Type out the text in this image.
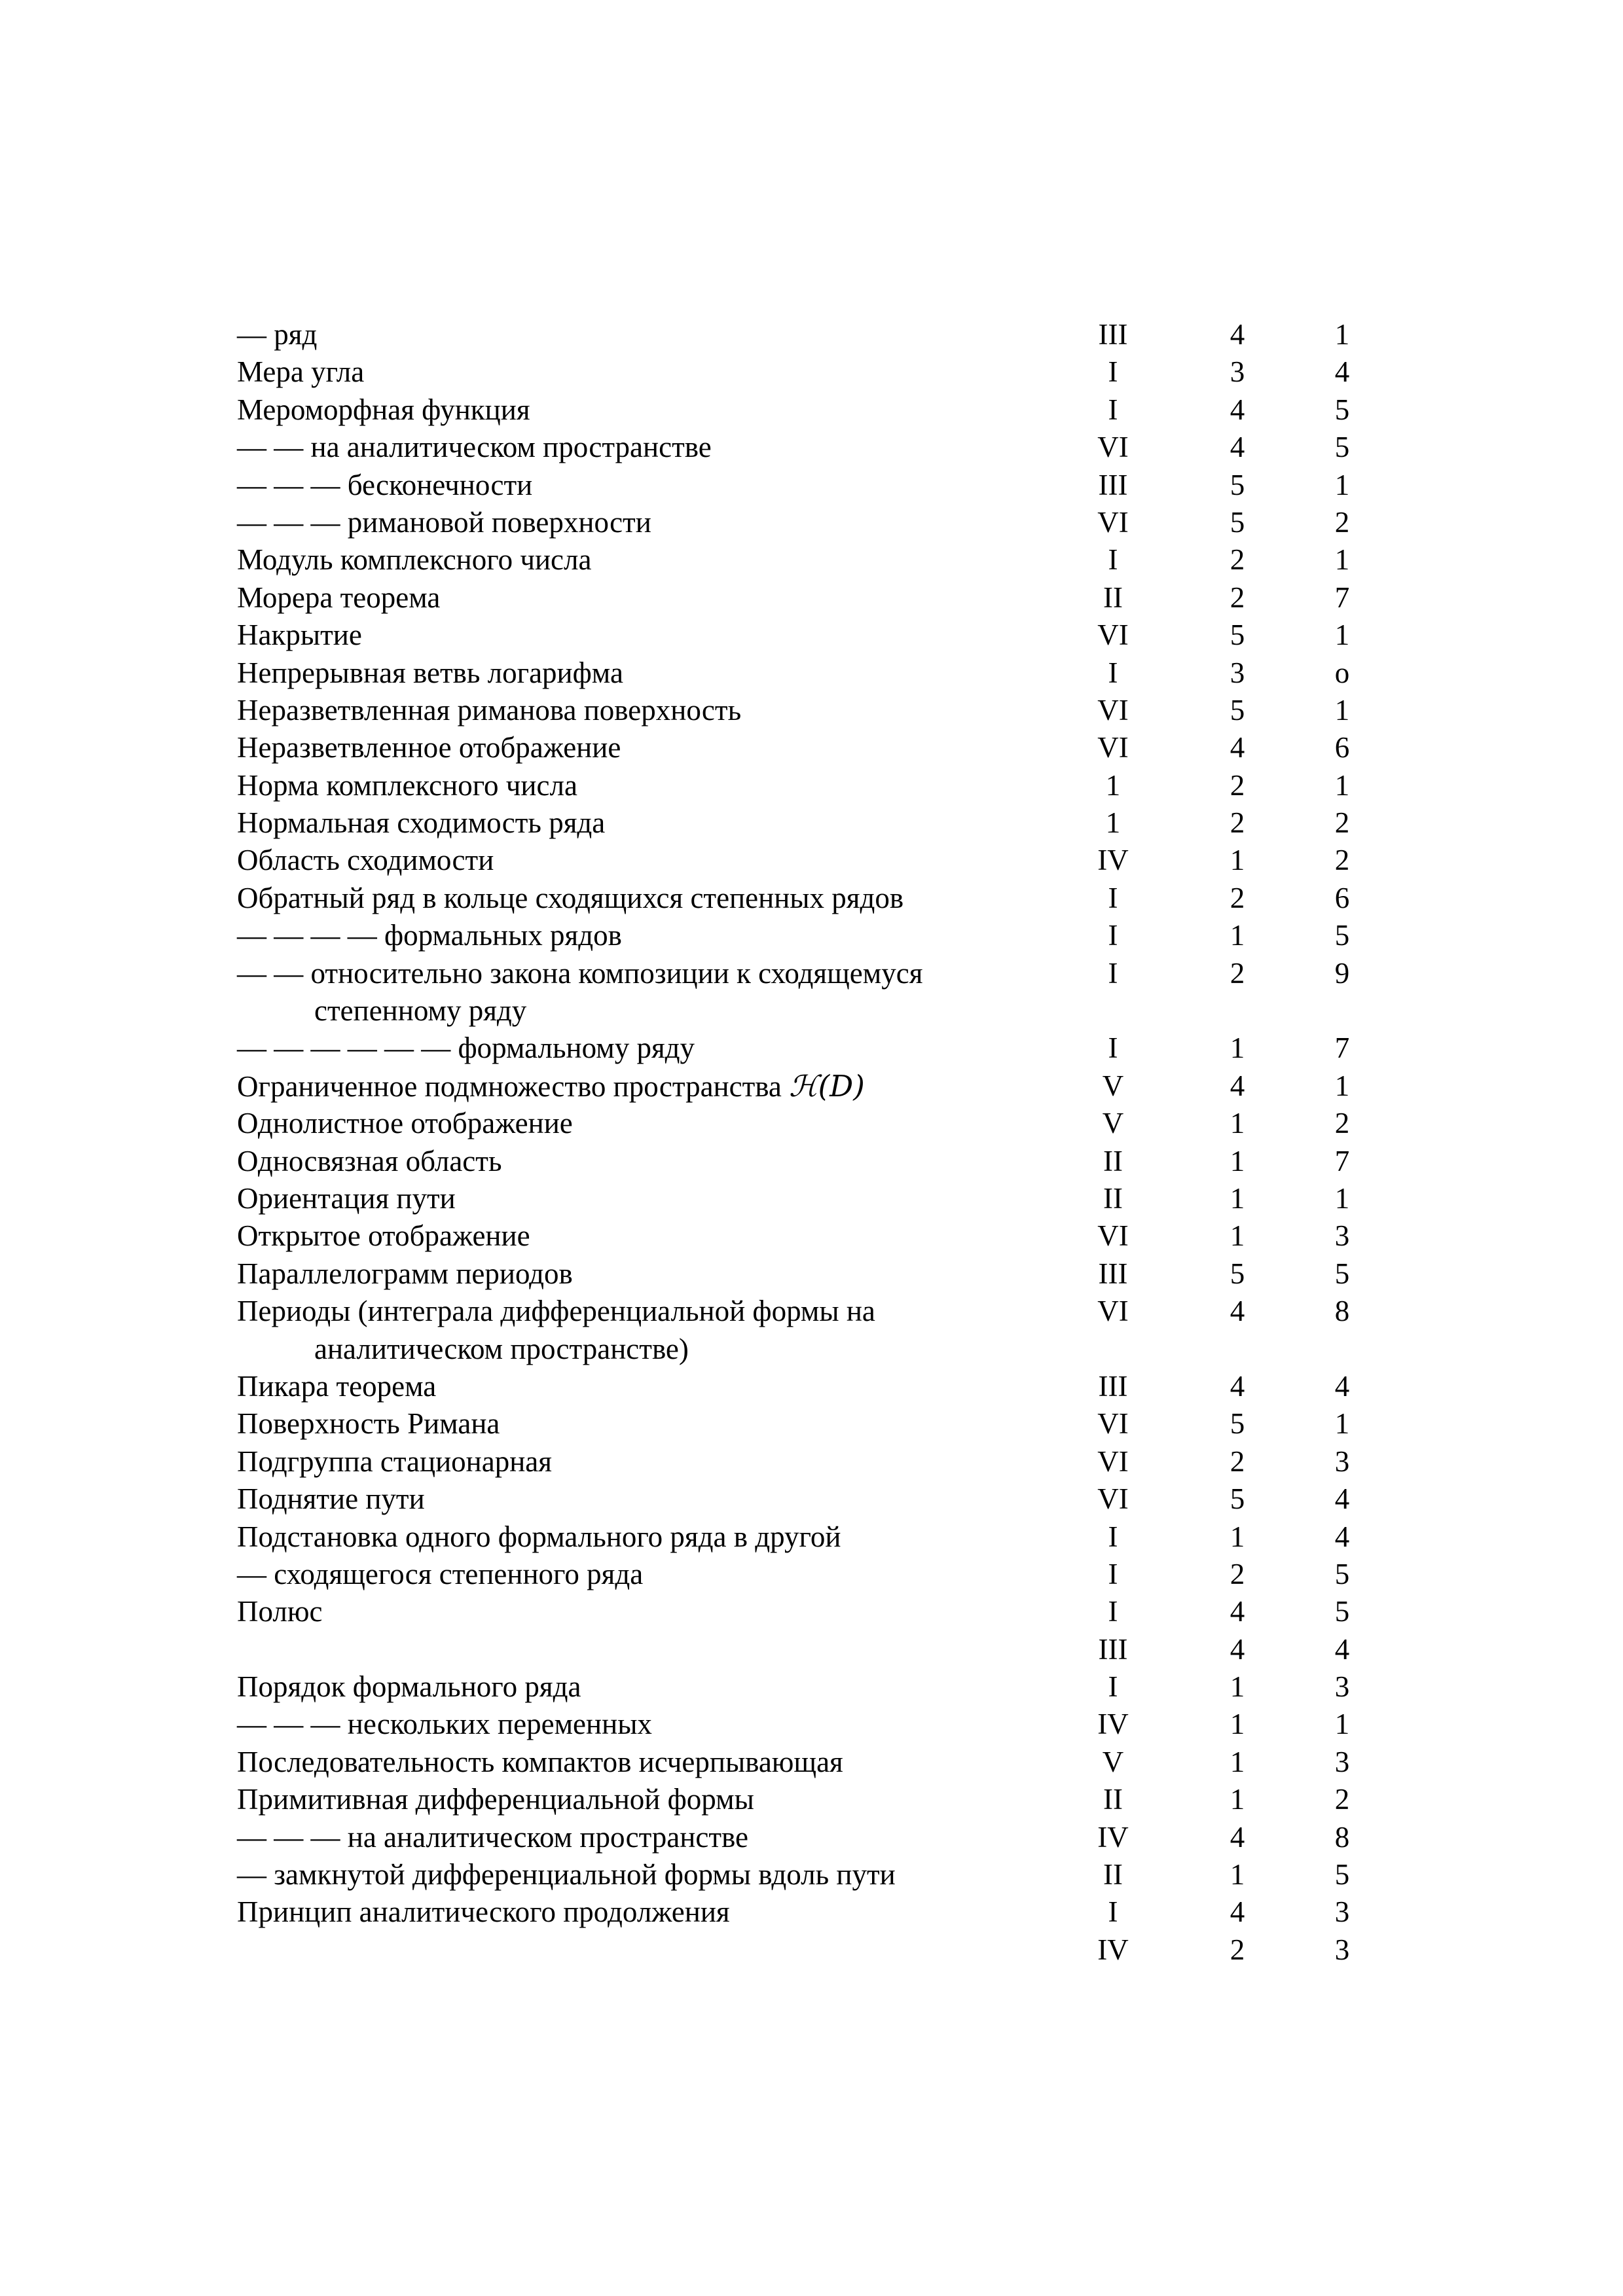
— ряд	III	4	1
Мера угла	I	3	4
Мероморфная функция	I	4	5
— — на аналитическом пространстве	VI	4	5
— — — бесконечности	III	5	1
— — — римановой поверхности	VI	5	2
Модуль комплексного числа	I	2	1
Морера теорема	II	2	7
Накрытие	VI	5	1
Непрерывная ветвь логарифма	I	3	o
Неразветвленная риманова поверхность	VI	5	1
Неразветвленное отображение	VI	4	6
Норма комплексного числа	1	2	1
Нормальная сходимость ряда	1	2	2
Область сходимости	IV	1	2
Обратный ряд в кольце сходящихся степенных рядов	I	2	6
— — — — формальных рядов	I	1	5
— — относительно закона композиции к сходящемуся
степенному ряду
I	2	9
— — — — — — формальному ряду	I	1	7
Ограниченное подмножество пространства ℋ(D)	V	4	1
Однолистное отображение	V	1	2
Односвязная область	II	1	7
Ориентация пути	II	1	1
Открытое отображение	VI	1	3
Параллелограмм периодов	III	5	5
Периоды (интеграла дифференциальной формы на
аналитическом пространстве)
VI	4	8
Пикара теорема	III	4	4
Поверхность Римана	VI	5	1
Подгруппа стационарная	VI	2	3
Поднятие пути	VI	5	4
Подстановка одного формального ряда в другой	I	1	4
— сходящегося степенного ряда	I	2	5
Полюс	I	4	5
III	4	4
Порядок формального ряда	I	1	3
— — — нескольких переменных	IV	1	1
Последовательность компактов исчерпывающая	V	1	3
Примитивная дифференциальной формы	II	1	2
— — — на аналитическом пространстве	IV	4	8
— замкнутой дифференциальной формы вдоль пути	II	1	5
Принцип аналитического продолжения	I	4	3
IV	2	3
